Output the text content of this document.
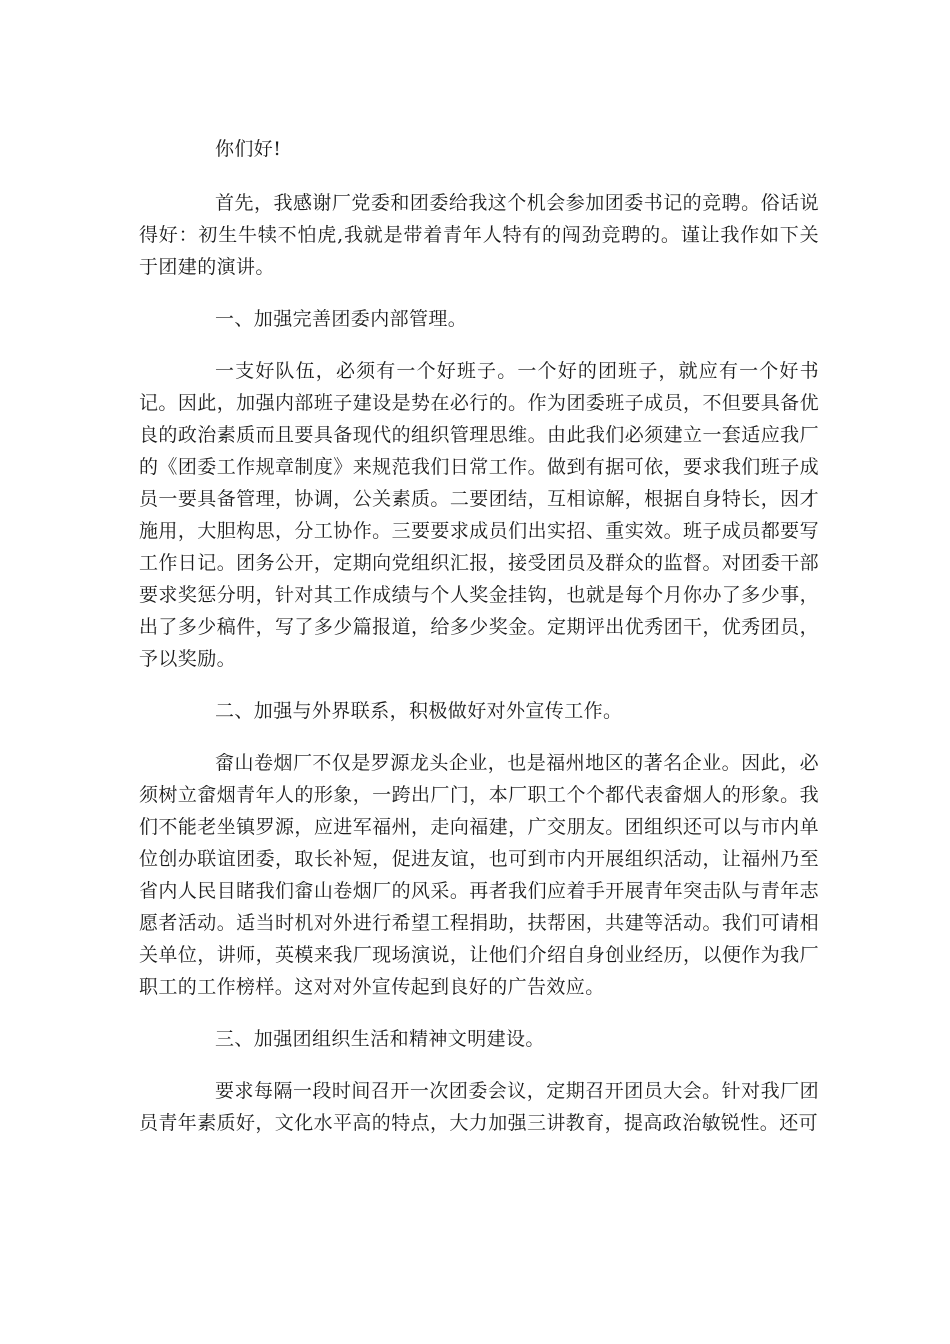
你们好!

首先，我感谢厂党委和团委给我这个机会参加团委书记的竞聘。俗话说得好：初生牛犊不怕虎,我就是带着青年人特有的闯劲竞聘的。谨让我作如下关于团建的演讲。

一、加强完善团委内部管理。

一支好队伍，必须有一个好班子。一个好的团班子，就应有一个好书记。因此，加强内部班子建设是势在必行的。作为团委班子成员，不但要具备优良的政治素质而且要具备现代的组织管理思维。由此我们必须建立一套适应我厂的《团委工作规章制度》来规范我们日常工作。做到有据可依，要求我们班子成员一要具备管理，协调，公关素质。二要团结，互相谅解，根据自身特长，因才施用，大胆构思，分工协作。三要要求成员们出实招、重实效。班子成员都要写工作日记。团务公开，定期向党组织汇报，接受团员及群众的监督。对团委干部要求奖惩分明，针对其工作成绩与个人奖金挂钩，也就是每个月你办了多少事，出了多少稿件，写了多少篇报道，给多少奖金。定期评出优秀团干，优秀团员，予以奖励。

二、加强与外界联系，积极做好对外宣传工作。

畲山卷烟厂不仅是罗源龙头企业，也是福州地区的著名企业。因此，必须树立畲烟青年人的形象，一跨出厂门，本厂职工个个都代表畲烟人的形象。我们不能老坐镇罗源，应进军福州，走向福建，广交朋友。团组织还可以与市内单位创办联谊团委，取长补短，促进友谊，也可到市内开展组织活动，让福州乃至省内人民目睹我们畲山卷烟厂的风采。再者我们应着手开展青年突击队与青年志愿者活动。适当时机对外进行希望工程捐助，扶帮困，共建等活动。我们可请相关单位，讲师，英模来我厂现场演说，让他们介绍自身创业经历，以便作为我厂职工的工作榜样。这对对外宣传起到良好的广告效应。

三、加强团组织生活和精神文明建设。

要求每隔一段时间召开一次团委会议，定期召开团员大会。针对我厂团员青年素质好，文化水平高的特点，大力加强三讲教育，提高政治敏锐性。还可
